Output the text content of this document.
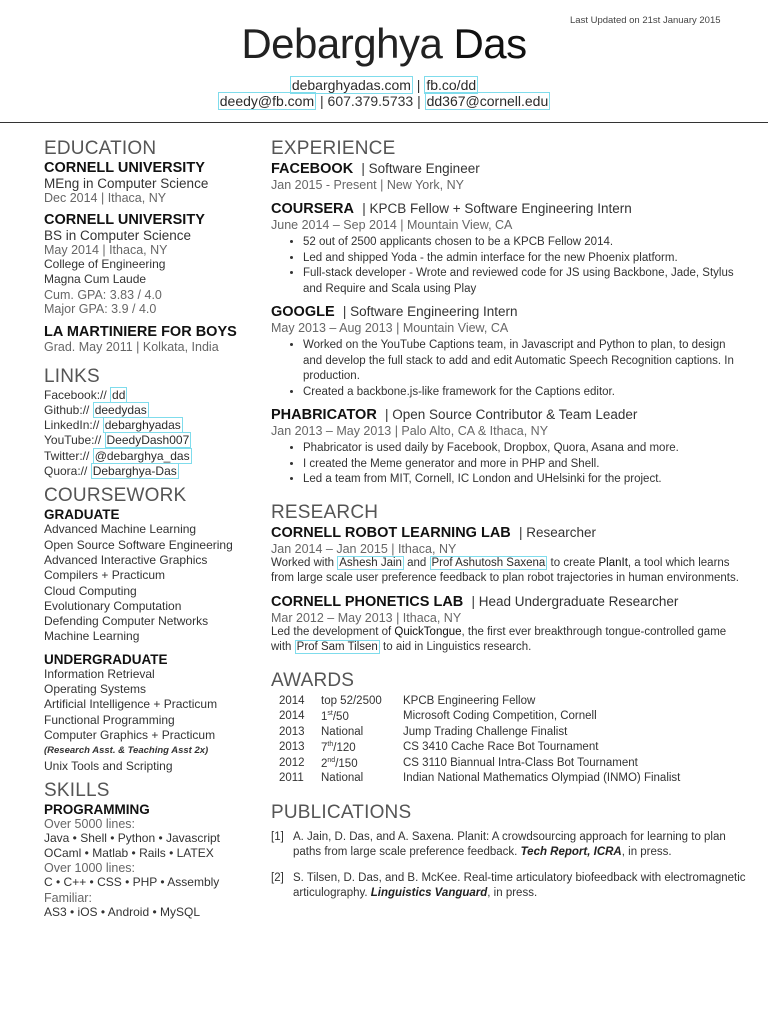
Last Updated on 21st January 2015
Debarghya Das
debarghyadas.com | fb.co/dd
deedy@fb.com | 607.379.5733 | dd367@cornell.edu
EDUCATION
CORNELL UNIVERSITY
MEng in Computer Science
Dec 2014 | Ithaca, NY
CORNELL UNIVERSITY
BS in Computer Science
May 2014 | Ithaca, NY
College of Engineering
Magna Cum Laude
Cum. GPA: 3.83 / 4.0
Major GPA: 3.9 / 4.0
LA MARTINIERE FOR BOYS
Grad. May 2011 | Kolkata, India
LINKS
Facebook:// dd
Github:// deedydas
LinkedIn:// debarghyadas
YouTube:// DeedyDash007
Twitter:// @debarghya_das
Quora:// Debarghya-Das
COURSEWORK
GRADUATE
Advanced Machine Learning
Open Source Software Engineering
Advanced Interactive Graphics
Compilers + Practicum
Cloud Computing
Evolutionary Computation
Defending Computer Networks
Machine Learning
UNDERGRADUATE
Information Retrieval
Operating Systems
Artificial Intelligence + Practicum
Functional Programming
Computer Graphics + Practicum
(Research Asst. & Teaching Asst 2x)
Unix Tools and Scripting
SKILLS
PROGRAMMING
Over 5000 lines:
Java • Shell • Python • Javascript
OCaml • Matlab • Rails • LATEX
Over 1000 lines:
C • C++ • CSS • PHP • Assembly
Familiar:
AS3 • iOS • Android • MySQL
EXPERIENCE
FACEBOOK  | Software Engineer
Jan 2015 - Present | New York, NY
COURSERA  | KPCB Fellow + Software Engineering Intern
June 2014 – Sep 2014 | Mountain View, CA
• 52 out of 2500 applicants chosen to be a KPCB Fellow 2014.
• Led and shipped Yoda - the admin interface for the new Phoenix platform.
• Full-stack developer - Wrote and reviewed code for JS using Backbone, Jade, Stylus and Require and Scala using Play
GOOGLE  | Software Engineering Intern
May 2013 – Aug 2013 | Mountain View, CA
• Worked on the YouTube Captions team, in Javascript and Python to plan, to design and develop the full stack to add and edit Automatic Speech Recognition captions. In production.
• Created a backbone.js-like framework for the Captions editor.
PHABRICATOR  | Open Source Contributor & Team Leader
Jan 2013 – May 2013 | Palo Alto, CA & Ithaca, NY
• Phabricator is used daily by Facebook, Dropbox, Quora, Asana and more.
• I created the Meme generator and more in PHP and Shell.
• Led a team from MIT, Cornell, IC London and UHelsinki for the project.
RESEARCH
CORNELL ROBOT LEARNING LAB  | Researcher
Jan 2014 – Jan 2015 | Ithaca, NY
Worked with Ashesh Jain and Prof Ashutosh Saxena to create PlanIt, a tool which learns from large scale user preference feedback to plan robot trajectories in human environments.
CORNELL PHONETICS LAB  | Head Undergraduate Researcher
Mar 2012 – May 2013 | Ithaca, NY
Led the development of QuickTongue, the first ever breakthrough tongue-controlled game with Prof Sam Tilsen to aid in Linguistics research.
AWARDS
2014	top 52/2500	KPCB Engineering Fellow
2014	1st/50	Microsoft Coding Competition, Cornell
2013	National	Jump Trading Challenge Finalist
2013	7th/120	CS 3410 Cache Race Bot Tournament
2012	2nd/150	CS 3110 Biannual Intra-Class Bot Tournament
2011	National	Indian National Mathematics Olympiad (INMO) Finalist
PUBLICATIONS
[1] A. Jain, D. Das, and A. Saxena. Planit: A crowdsourcing approach for learning to plan paths from large scale preference feedback. Tech Report, ICRA, in press.
[2] S. Tilsen, D. Das, and B. McKee. Real-time articulatory biofeedback with electromagnetic articulography. Linguistics Vanguard, in press.
